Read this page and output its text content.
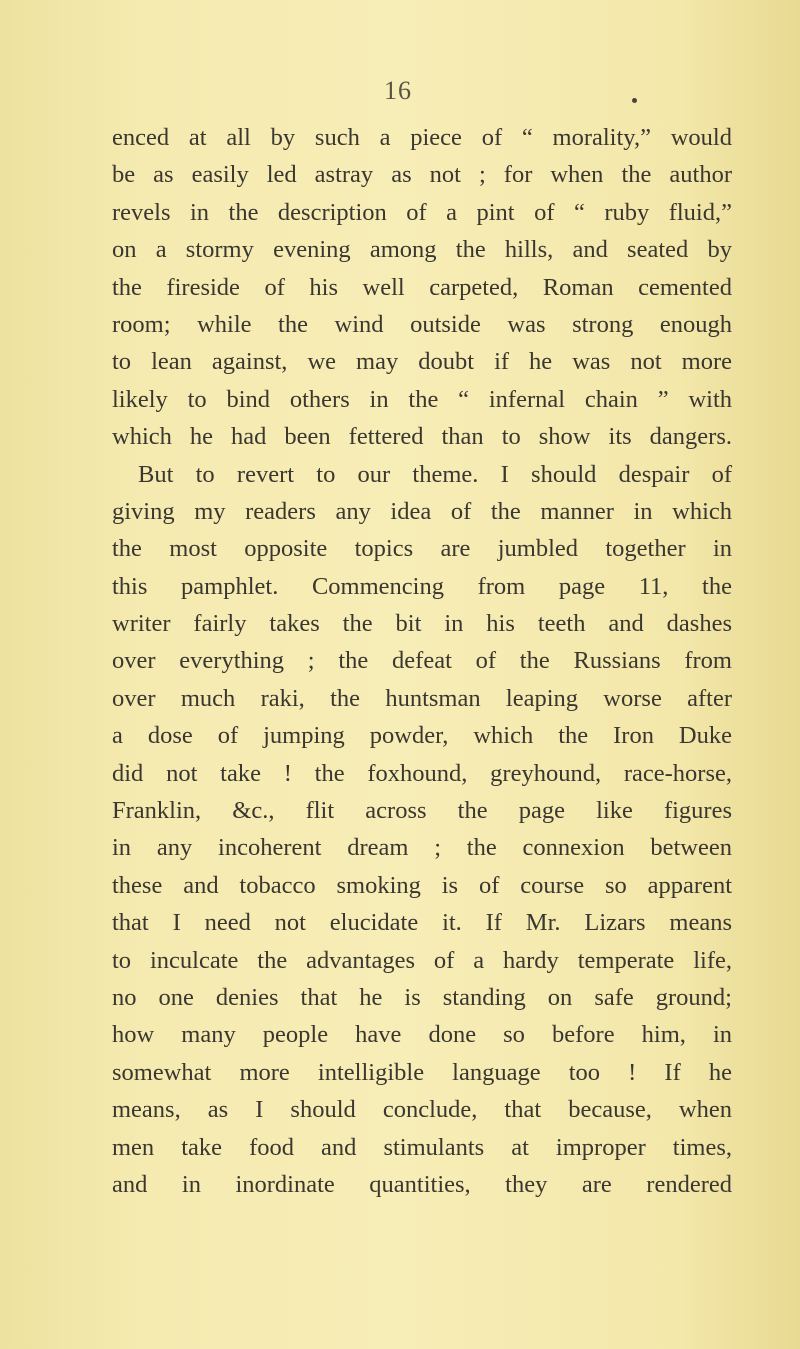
16
enced at all by such a piece of “ morality,” would
be as easily led astray as not ; for when the author
revels in the description of a pint of “ ruby fluid,”
on a stormy evening among the hills, and seated by
the fireside of his well carpeted, Roman cemented
room; while the wind outside was strong enough
to lean against, we may doubt if he was not more
likely to bind others in the “ infernal chain ” with
which he had been fettered than to show its dangers.
But to revert to our theme. I should despair of
giving my readers any idea of the manner in which
the most opposite topics are jumbled together in
this pamphlet. Commencing from page 11, the
writer fairly takes the bit in his teeth and dashes
over everything ; the defeat of the Russians from
over much raki, the huntsman leaping worse after
a dose of jumping powder, which the Iron Duke
did not take ! the foxhound, greyhound, race-horse,
Franklin, &c., flit across the page like figures
in any incoherent dream ; the connexion between
these and tobacco smoking is of course so apparent
that I need not elucidate it. If Mr. Lizars means
to inculcate the advantages of a hardy temperate life,
no one denies that he is standing on safe ground;
how many people have done so before him, in
somewhat more intelligible language too ! If he
means, as I should conclude, that because, when
men take food and stimulants at improper times,
and in inordinate quantities, they are rendered
